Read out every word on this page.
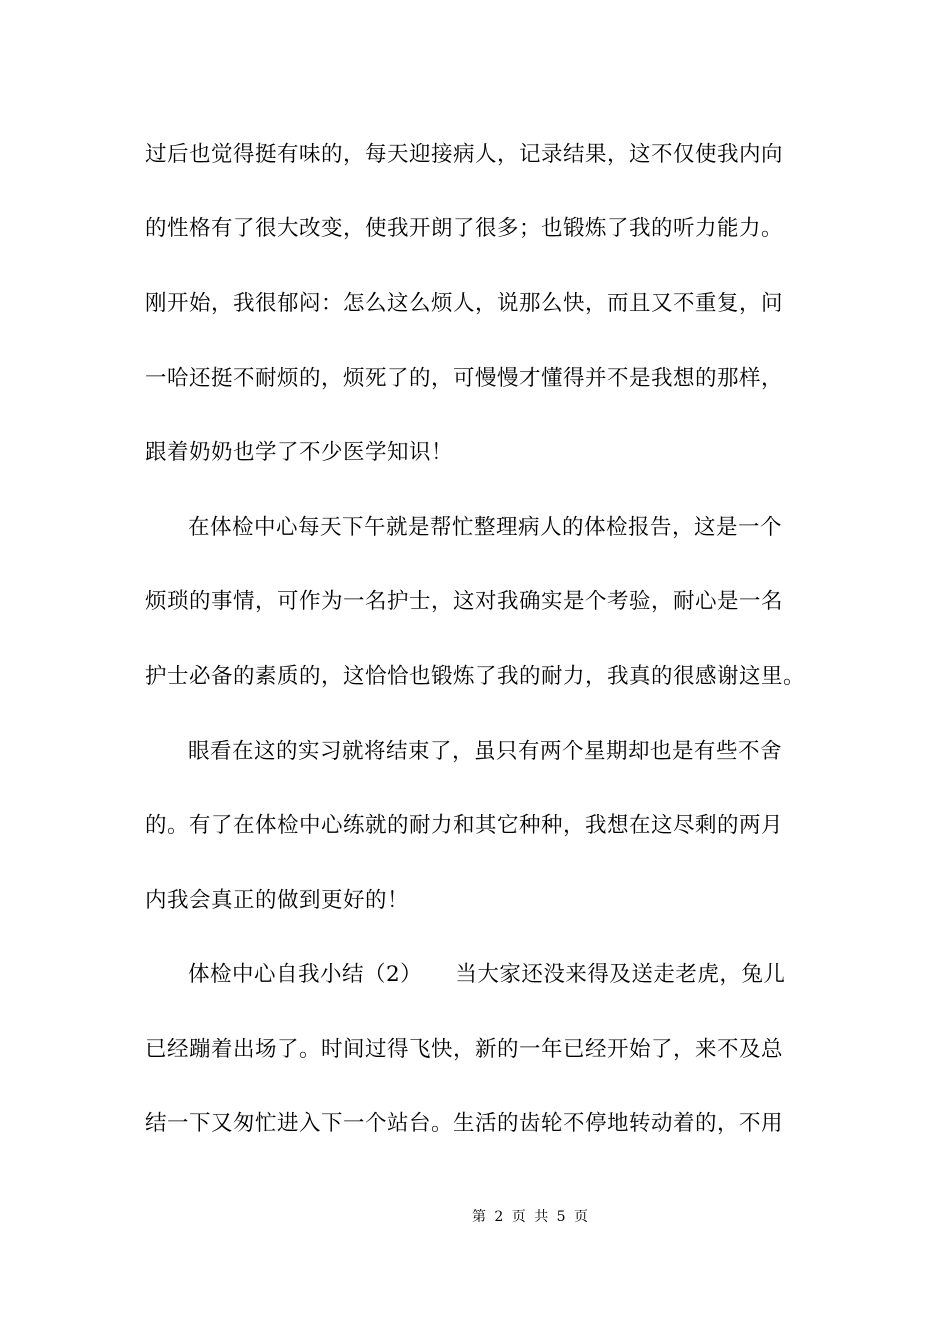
过后也觉得挺有味的，每天迎接病人，记录结果，这不仅使我内向
的性格有了很大改变，使我开朗了很多；也锻炼了我的听力能力。
刚开始，我很郁闷：怎么这么烦人，说那么快，而且又不重复，问
一哈还挺不耐烦的，烦死了的，可慢慢才懂得并不是我想的那样，
跟着奶奶也学了不少医学知识！
在体检中心每天下午就是帮忙整理病人的体检报告，这是一个
烦琐的事情，可作为一名护士，这对我确实是个考验，耐心是一名
护士必备的素质的，这恰恰也锻炼了我的耐力，我真的很感谢这里。
眼看在这的实习就将结束了，虽只有两个星期却也是有些不舍
的。有了在体检中心练就的耐力和其它种种，我想在这尽剩的两月
内我会真正的做到更好的！
体检中心自我小结（2）　　当大家还没来得及送走老虎，兔儿
已经蹦着出场了。时间过得飞快，新的一年已经开始了，来不及总
结一下又匆忙进入下一个站台。生活的齿轮不停地转动着的，不用
第 2 页 共 5 页
